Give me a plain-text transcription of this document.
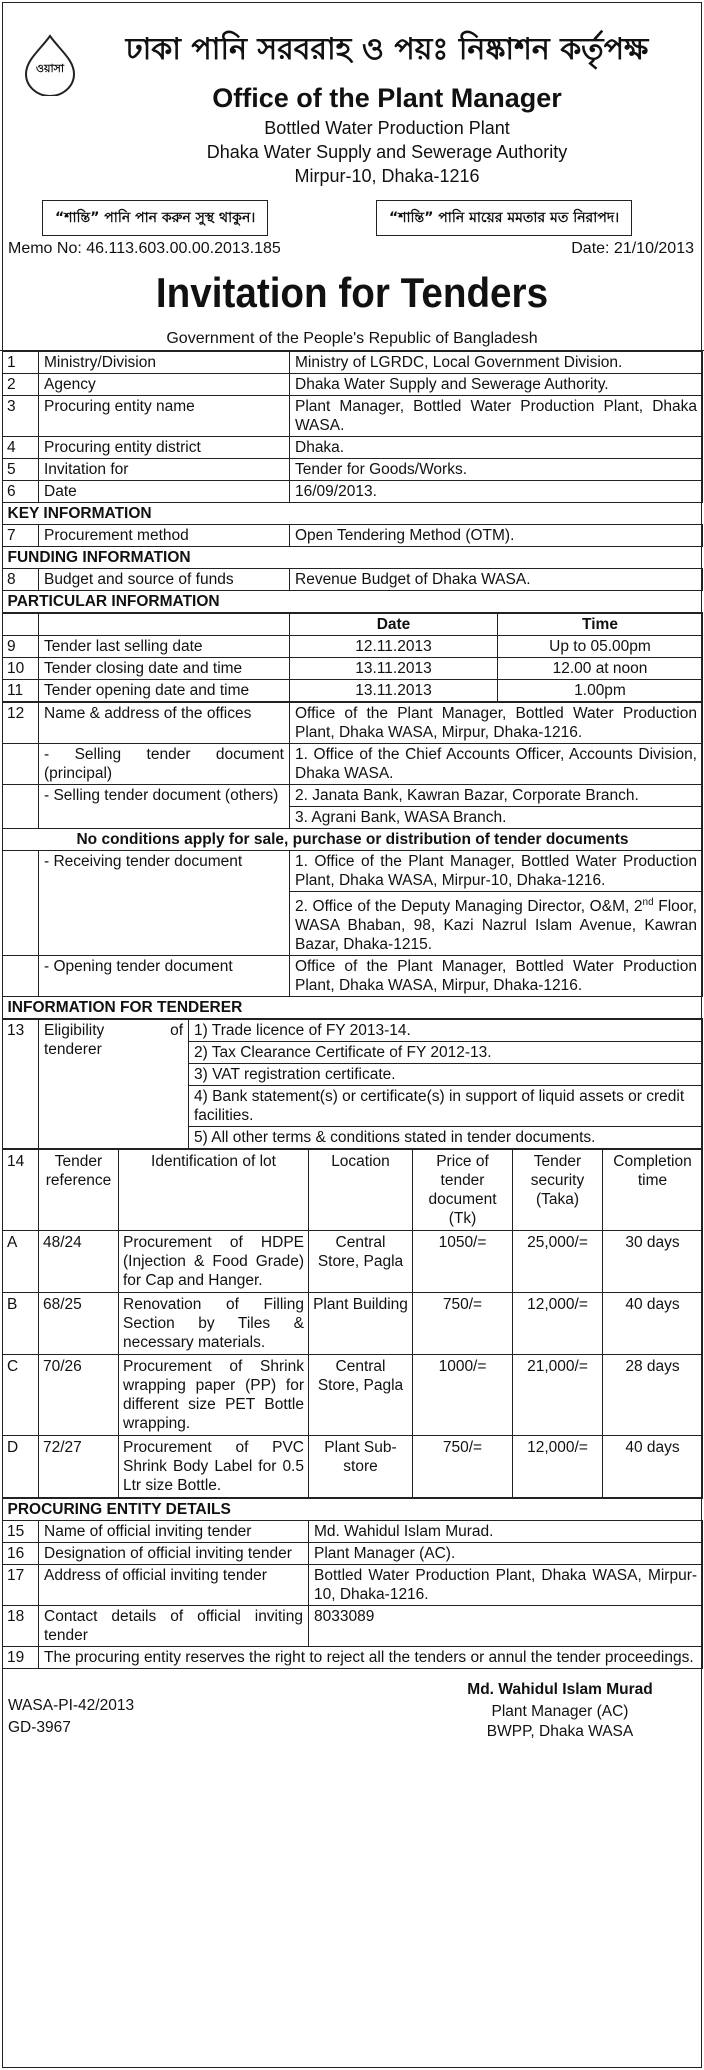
ওয়াসা
ঢাকা পানি সরবরাহ ও পয়ঃ নিষ্কাশন কর্তৃপক্ষ
Office of the Plant Manager
Bottled Water Production Plant
Dhaka Water Supply and Sewerage Authority
Mirpur-10, Dhaka-1216
“শান্তি” পানি পান করুন সুস্থ থাকুন।	“শান্তি” পানি মায়ের মমতার মত নিরাপদ।
Memo No: 46.113.603.00.00.2013.185	Date: 21/10/2013
Invitation for Tenders
Government of the People's Republic of Bangladesh
1	Ministry/Division	Ministry of LGRDC, Local Government Division.
2	Agency	Dhaka Water Supply and Sewerage Authority.
3	Procuring entity name	Plant Manager, Bottled Water Production Plant, Dhaka WASA.
4	Procuring entity district	Dhaka.
5	Invitation for	Tender for Goods/Works.
6	Date	16/09/2013.
KEY INFORMATION		
7	Procurement method	Open Tendering Method (OTM).
FUNDING INFORMATION		
8	Budget and source of funds	Revenue Budget of Dhaka WASA.
PARTICULAR INFORMATION		
		Date	Time
9	Tender last selling date	12.11.2013	Up to 05.00pm
10	Tender closing date and time	13.11.2013	12.00 at noon
11	Tender opening date and time	13.11.2013	1.00pm
12	Name & address of the offices	Office of the Plant Manager, Bottled Water Production Plant, Dhaka WASA, Mirpur, Dhaka-1216.
	- Selling tender document (principal)	1. Office of the Chief Accounts Officer, Accounts Division, Dhaka WASA.
	- Selling tender document (others)	2. Janata Bank, Kawran Bazar, Corporate Branch.
		3. Agrani Bank, WASA Branch.
No conditions apply for sale, purchase or distribution of tender documents		
	- Receiving tender document	1. Office of the Plant Manager, Bottled Water Production Plant, Dhaka WASA, Mirpur-10, Dhaka-1216.
		2. Office of the Deputy Managing Director, O&M, 2nd Floor, WASA Bhaban, 98, Kazi Nazrul Islam Avenue, Kawran Bazar, Dhaka-1215.
	- Opening tender document	Office of the Plant Manager, Bottled Water Production Plant, Dhaka WASA, Mirpur, Dhaka-1216.
INFORMATION FOR TENDERER		
13	Eligibility of tenderer	1) Trade licence of FY 2013-14.
2) Tax Clearance Certificate of FY 2012-13.
3) VAT registration certificate.
4) Bank statement(s) or certificate(s) in support of liquid assets or credit facilities.
5) All other terms & conditions stated in tender documents.
14	Tender reference	Identification of lot	Location	Price of tender document (Tk)	Tender security (Taka)	Completion time
A	48/24	Procurement of HDPE (Injection & Food Grade) for Cap and Hanger.	Central Store, Pagla	1050/=	25,000/=	30 days
B	68/25	Renovation of Filling Section by Tiles & necessary materials.	Plant Building	750/=	12,000/=	40 days
C	70/26	Procurement of Shrink wrapping paper (PP) for different size PET Bottle wrapping.	Central Store, Pagla	1000/=	21,000/=	28 days
D	72/27	Procurement of PVC Shrink Body Label for 0.5 Ltr size Bottle.	Plant Sub-store	750/=	12,000/=	40 days
PROCURING ENTITY DETAILS		
15	Name of official inviting tender	Md. Wahidul Islam Murad.
16	Designation of official inviting tender	Plant Manager (AC).
17	Address of official inviting tender	Bottled Water Production Plant, Dhaka WASA, Mirpur-10, Dhaka-1216.
18	Contact details of official inviting tender	8033089
19	The procuring entity reserves the right to reject all the tenders or annul the tender proceedings.	
WASA-PI-42/2013
GD-3967
Md. Wahidul Islam Murad
Plant Manager (AC)
BWPP, Dhaka WASA
